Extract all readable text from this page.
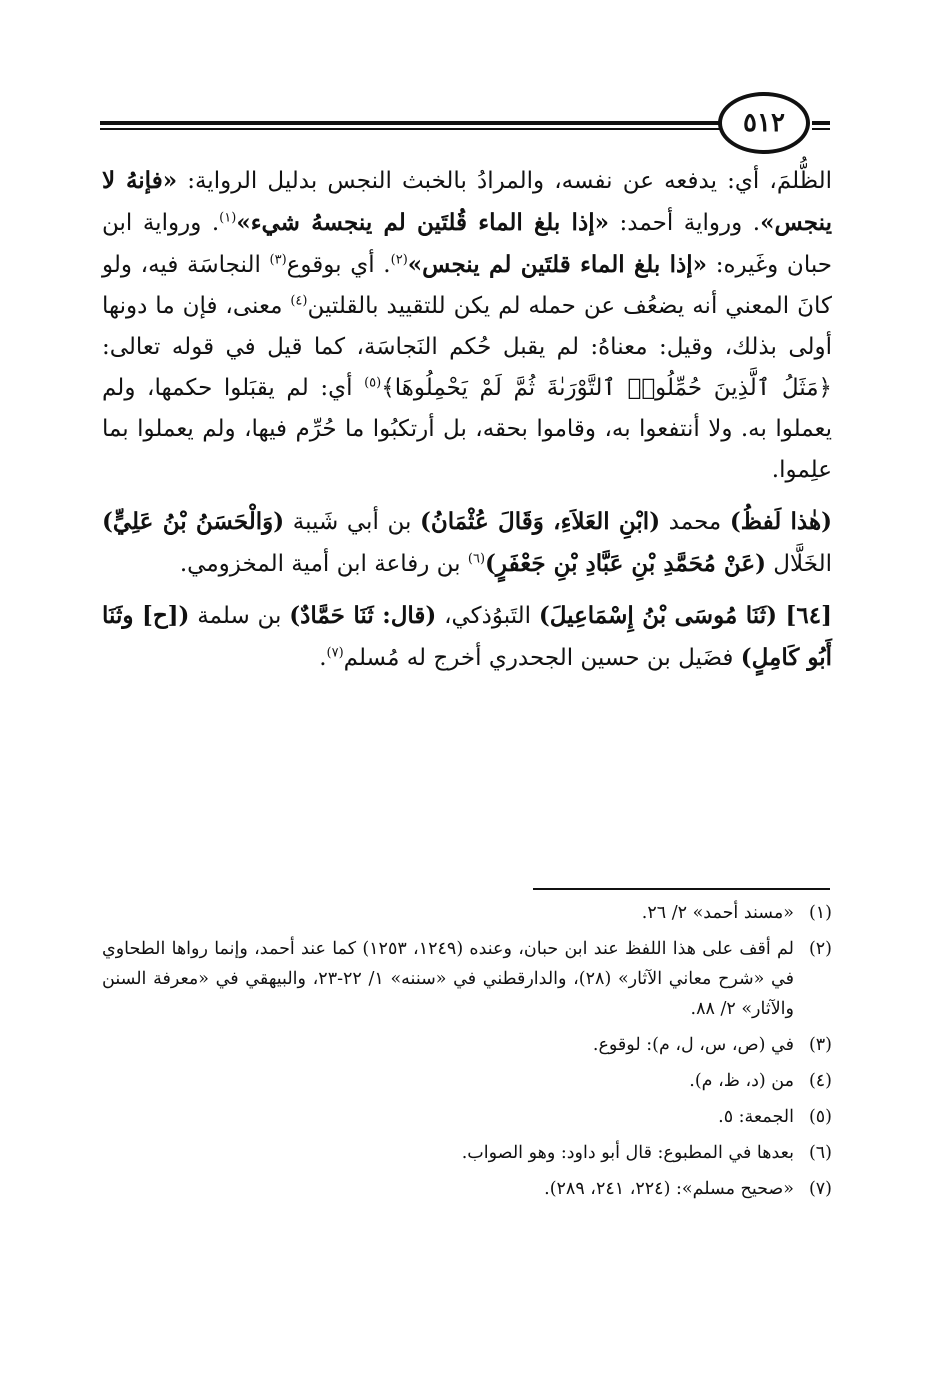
٥١٢

الظُّلمَ، أي: يدفعه عن نفسه، والمرادُ بالخبث النجس بدليل الرواية: «فإنهُ لا ينجس». ورواية أحمد: «إذا بلغ الماء قُلتَين لم ينجسهُ شيء»$^{(١)}$. ورواية ابن حبان وغَيره: «إذا بلغ الماء قلتَين لم ينجس»$^{(٢)}$. أي بوقوع$^{(٣)}$ النجاسَة فيه، ولو كانَ المعني أنه يضعُف عن حمله لم يكن للتقييد بالقلتين$^{(٤)}$ معنى، فإن ما دونها أولى بذلك، وقيل: معناهُ: لم يقبل حُكم النَجاسَة، كما قيل في قوله تعالى: ﴿مَثَلُ ٱلَّذِينَ حُمِّلُوا۟ ٱلتَّوْرَىٰةَ ثُمَّ لَمْ يَحْمِلُوهَا﴾$^{(٥)}$ أي: لم يقبَلوا حكمها، ولم يعملوا به. ولا أنتفعوا به، وقاموا بحقه، بل أرتكبُوا ما حُرِّم فيها، ولم يعملوا بما علِموا.

(هٰذا لَفظُ) محمد (ابْنِ العَلاَءِ، وَقَالَ عُثْمَانُ) بن أبي شَيبة (وَالْحَسَنُ بْنُ عَلِيٍّ) الخَلَّال (عَنْ مُحَمَّدِ بْنِ عَبَّادِ بْنِ جَعْفَرٍ)$^{(٦)}$ بن رفاعة ابن أمية المخزومي.

[٦٤] (ثَنَا مُوسَى بْنُ إِسْمَاعِيلَ) التَبوُذكي، (قال: ثَنَا حَمَّادٌ) بن سلمة ([ح] وثَنَا أَبُو كَامِلٍ) فضَيل بن حسين الجحدري أخرج له مُسلم$^{(٧)}$.

(١)
«مسند أحمد» ٢/ ٢٦.
(٢)
لم أقف على هذا اللفظ عند ابن حبان، وعنده (١٢٤٩، ١٢٥٣) كما عند أحمد، وإنما رواها الطحاوي في «شرح معاني الآثار» (٢٨)، والدارقطني في «سننه» ١/ ٢٢-٢٣، والبيهقي في «معرفة السنن والآثار» ٢/ ٨٨.
(٣)
في (ص، س، ل، م): لوقوع.
(٤)
من (د، ظ، م).
(٥)
الجمعة: ٥.
(٦)
بعدها في المطبوع: قال أبو داود: وهو الصواب.
(٧)
«صحيح مسلم»: (٢٢٤، ٢٤١، ٢٨٩).
